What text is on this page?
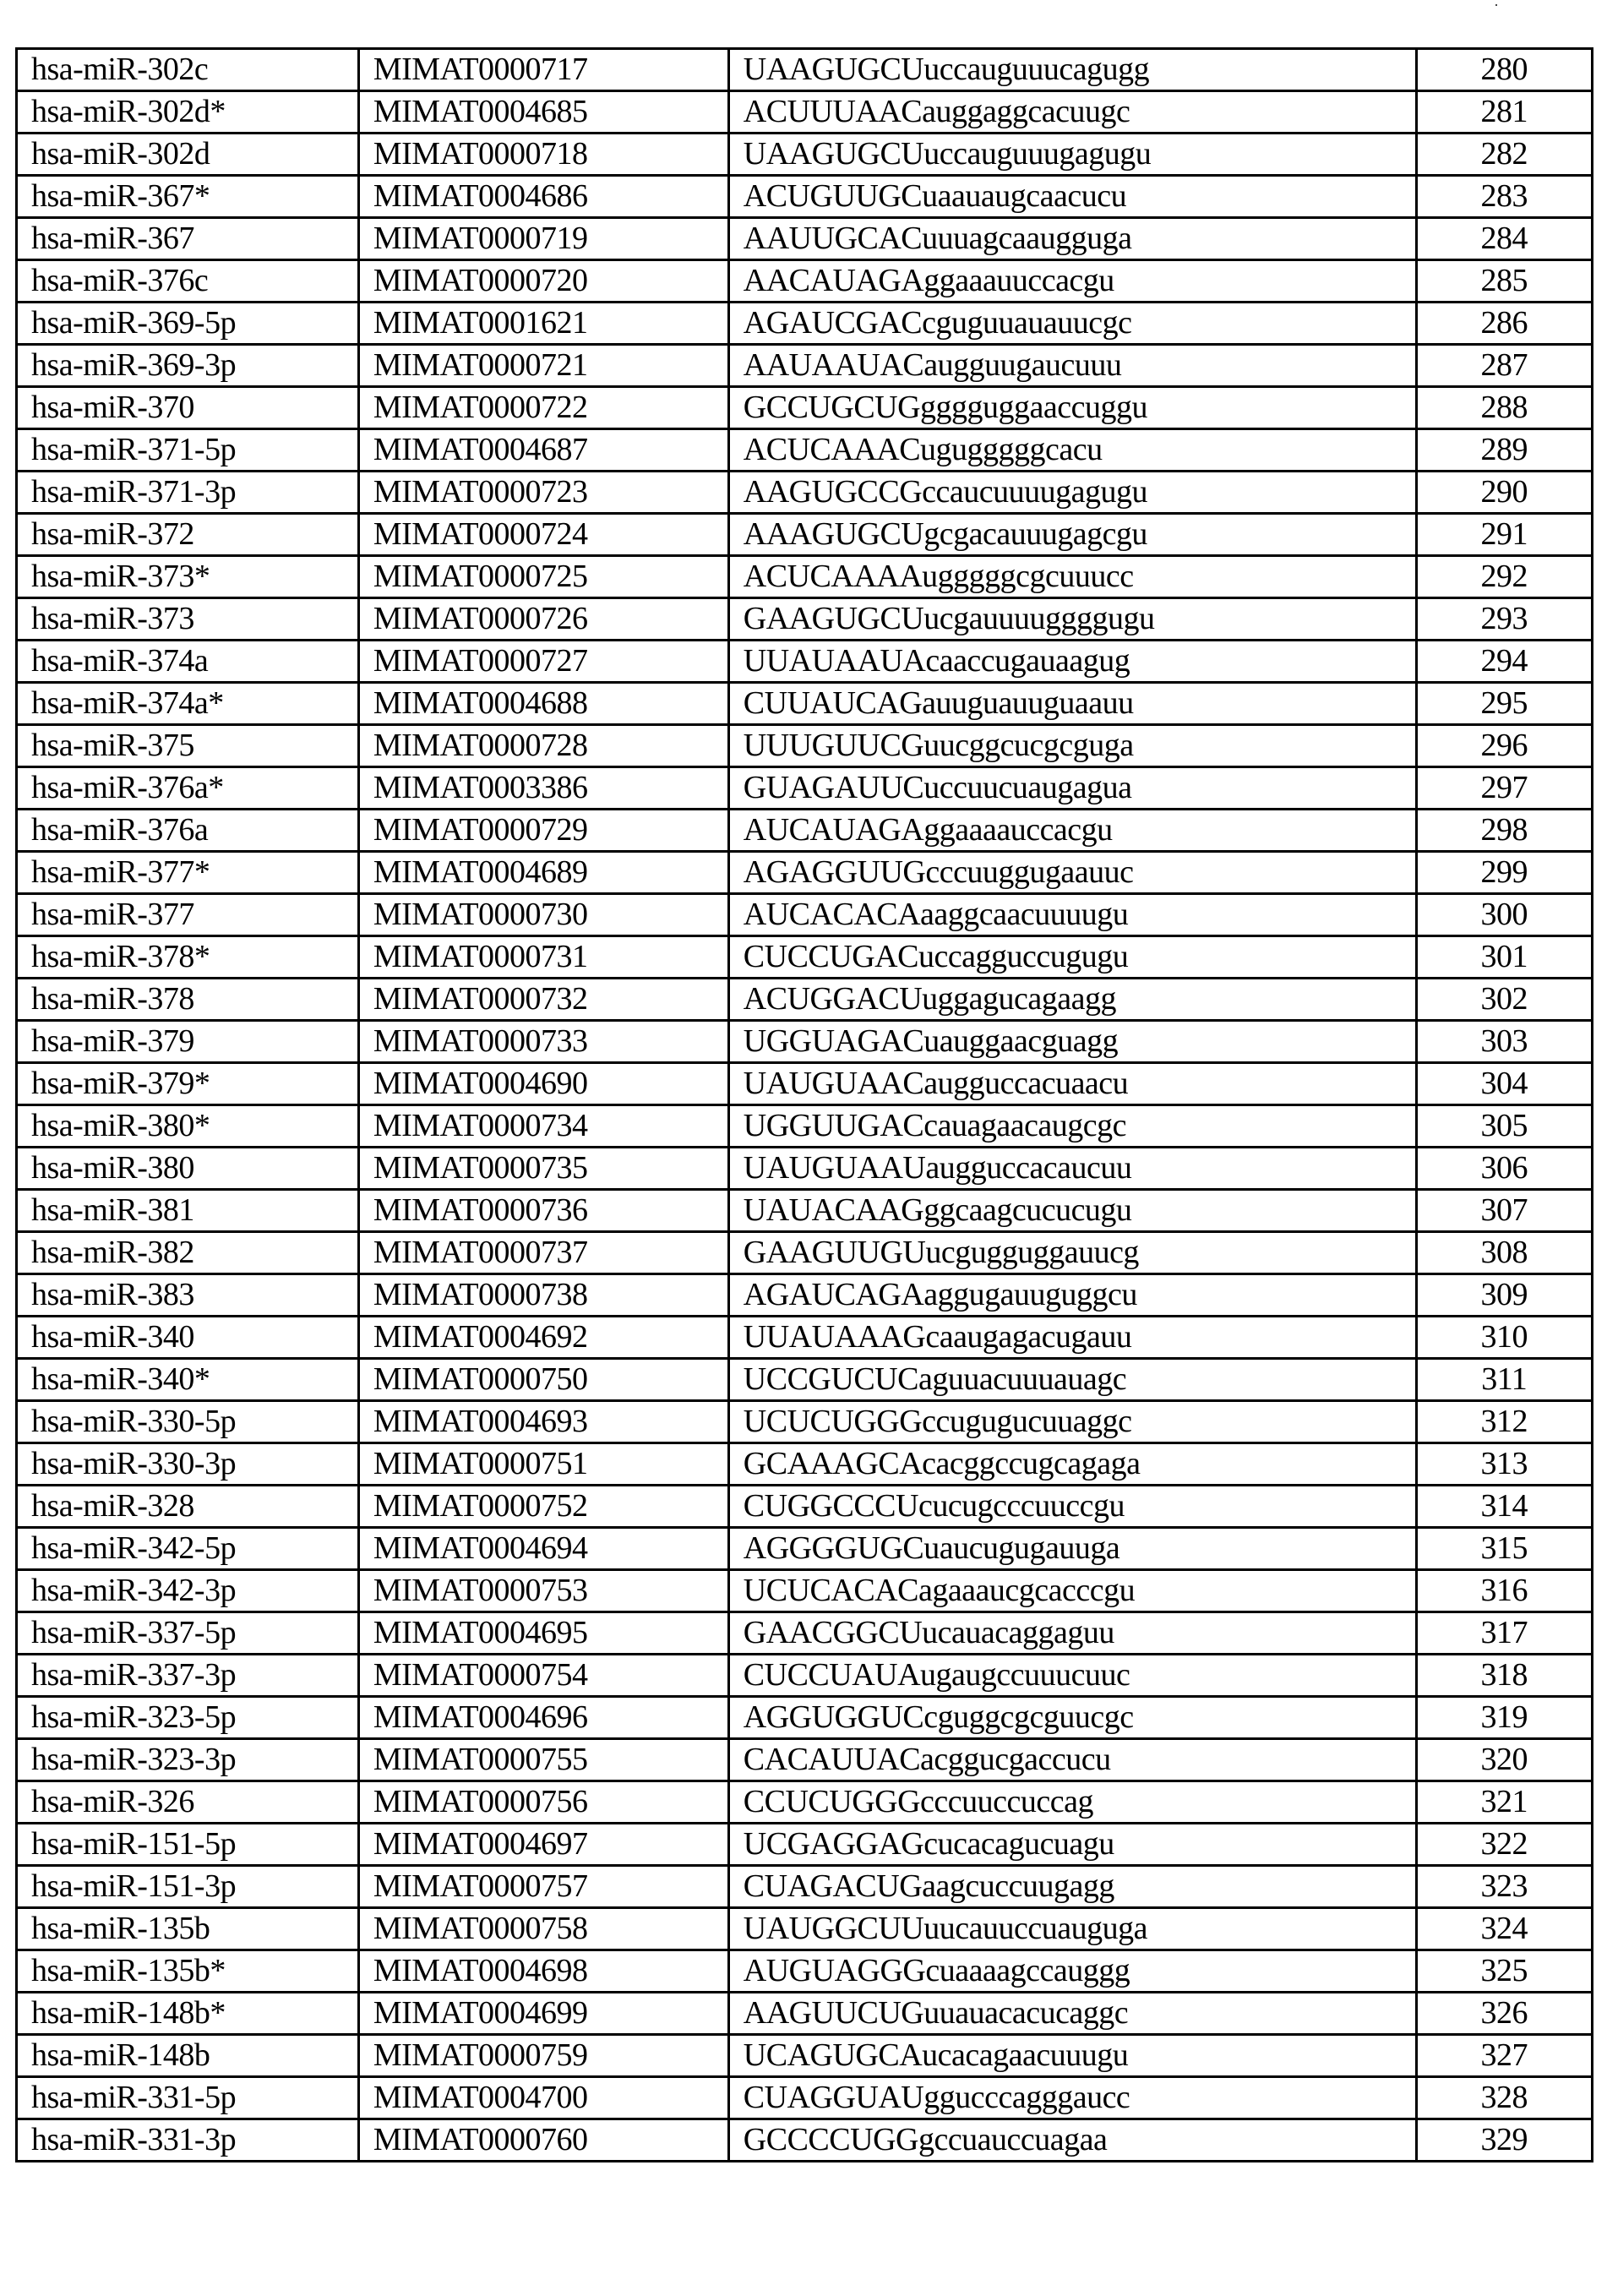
hsa-miR-302c	MIMAT0000717	UAAGUGCUuccauguuucagugg	280
hsa-miR-302d*	MIMAT0004685	ACUUUAACauggaggcacuugc	281
hsa-miR-302d	MIMAT0000718	UAAGUGCUuccauguuugagugu	282
hsa-miR-367*	MIMAT0004686	ACUGUUGCuaauaugcaacucu	283
hsa-miR-367	MIMAT0000719	AAUUGCACuuuagcaaugguga	284
hsa-miR-376c	MIMAT0000720	AACAUAGAggaaauuccacgu	285
hsa-miR-369-5p	MIMAT0001621	AGAUCGACcguguuauauucgc	286
hsa-miR-369-3p	MIMAT0000721	AAUAAUACaugguugaucuuu	287
hsa-miR-370	MIMAT0000722	GCCUGCUGgggguggaaccuggu	288
hsa-miR-371-5p	MIMAT0004687	ACUCAAACugugggggcacu	289
hsa-miR-371-3p	MIMAT0000723	AAGUGCCGccaucuuuugagugu	290
hsa-miR-372	MIMAT0000724	AAAGUGCUgcgacauuugagcgu	291
hsa-miR-373*	MIMAT0000725	ACUCAAAAugggggcgcuuucc	292
hsa-miR-373	MIMAT0000726	GAAGUGCUucgauuuuggggugu	293
hsa-miR-374a	MIMAT0000727	UUAUAAUAcaaccugauaagug	294
hsa-miR-374a*	MIMAT0004688	CUUAUCAGauuguauuguaauu	295
hsa-miR-375	MIMAT0000728	UUUGUUCGuucggcucgcguga	296
hsa-miR-376a*	MIMAT0003386	GUAGAUUCuccuucuaugagua	297
hsa-miR-376a	MIMAT0000729	AUCAUAGAggaaaauccacgu	298
hsa-miR-377*	MIMAT0004689	AGAGGUUGcccuuggugaauuc	299
hsa-miR-377	MIMAT0000730	AUCACACAaaggcaacuuuugu	300
hsa-miR-378*	MIMAT0000731	CUCCUGACuccagguccugugu	301
hsa-miR-378	MIMAT0000732	ACUGGACUuggagucagaagg	302
hsa-miR-379	MIMAT0000733	UGGUAGACuauggaacguagg	303
hsa-miR-379*	MIMAT0004690	UAUGUAACaugguccacuaacu	304
hsa-miR-380*	MIMAT0000734	UGGUUGACcauagaacaugcgc	305
hsa-miR-380	MIMAT0000735	UAUGUAAUaugguccacaucuu	306
hsa-miR-381	MIMAT0000736	UAUACAAGggcaagcucucugu	307
hsa-miR-382	MIMAT0000737	GAAGUUGUucgugguggauucg	308
hsa-miR-383	MIMAT0000738	AGAUCAGAaggugauuguggcu	309
hsa-miR-340	MIMAT0004692	UUAUAAAGcaaugagacugauu	310
hsa-miR-340*	MIMAT0000750	UCCGUCUCaguuacuuuauagc	311
hsa-miR-330-5p	MIMAT0004693	UCUCUGGGccugugucuuaggc	312
hsa-miR-330-3p	MIMAT0000751	GCAAAGCAcacggccugcagaga	313
hsa-miR-328	MIMAT0000752	CUGGCCCUcucugcccuuccgu	314
hsa-miR-342-5p	MIMAT0004694	AGGGGUGCuaucugugauuga	315
hsa-miR-342-3p	MIMAT0000753	UCUCACACagaaaucgcacccgu	316
hsa-miR-337-5p	MIMAT0004695	GAACGGCUucauacaggaguu	317
hsa-miR-337-3p	MIMAT0000754	CUCCUAUAugaugccuuucuuc	318
hsa-miR-323-5p	MIMAT0004696	AGGUGGUCcguggcgcguucgc	319
hsa-miR-323-3p	MIMAT0000755	CACAUUACacggucgaccucu	320
hsa-miR-326	MIMAT0000756	CCUCUGGGcccuuccuccag	321
hsa-miR-151-5p	MIMAT0004697	UCGAGGAGcucacagucuagu	322
hsa-miR-151-3p	MIMAT0000757	CUAGACUGaagcuccuugagg	323
hsa-miR-135b	MIMAT0000758	UAUGGCUUuucauuccuauguga	324
hsa-miR-135b*	MIMAT0004698	AUGUAGGGcuaaaagccauggg	325
hsa-miR-148b*	MIMAT0004699	AAGUUCUGuuauacacucaggc	326
hsa-miR-148b	MIMAT0000759	UCAGUGCAucacagaacuuugu	327
hsa-miR-331-5p	MIMAT0004700	CUAGGUAUggucccagggaucc	328
hsa-miR-331-3p	MIMAT0000760	GCCCCUGGgccuauccuagaa	329
